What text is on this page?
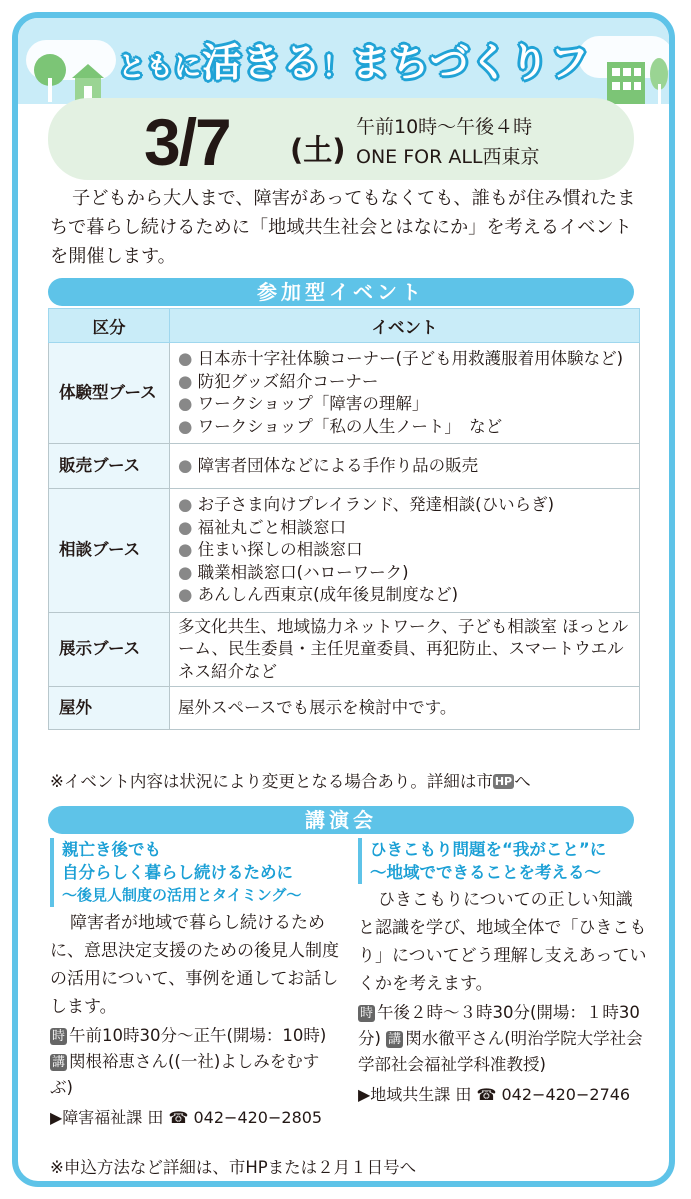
ともに活きる！まちづくりフ
3/7 (土)
午前10時〜午後４時
ONE FOR ALL西東京
子どもから大人まで、障害があってもなくても、誰もが住み慣れたまちで暮らし続けるために「地域共生社会とはなにか」を考えるイベントを開催します。
参加型イベント
区分	イベント
体験型ブース	● 日本赤十字社体験コーナー(子ども用救護服着用体験など)
● 防犯グッズ紹介コーナー
● ワークショップ「障害の理解」
● ワークショップ「私の人生ノート」　など

販売ブース	● 障害者団体などによる手作り品の販売

相談ブース	● お子さま向けプレイランド、発達相談(ひいらぎ)
● 福祉丸ごと相談窓口
● 住まい探しの相談窓口
● 職業相談窓口(ハローワーク)
● あんしん西東京(成年後見制度など)

展示ブース	多文化共生、地域協力ネットワーク、子ども相談室 ほっとルーム、民生委員・主任児童委員、再犯防止、スマートウエルネス紹介など
屋外	屋外スペースでも展示を検討中です。
※イベント内容は状況により変更となる場合あり。詳細は市 HP へ
講演会
親亡き後でも
自分らしく暮らし続けるために
〜後見人制度の活用とタイミング〜
障害者が地域で暮らし続けるために、意思決定支援のための後見人制度の活用について、事例を通してお話しします。
時 午前10時30分〜正午(開場：10時) 講 関根裕恵さん((一社)よしみをむすぶ)
▶障害福祉課 田 ☎ 042−420−2805
ひきこもり問題を“我がこと”に
〜地域でできることを考える〜
ひきこもりについての正しい知識と認識を学び、地域全体で「ひきこもり」についてどう理解し支えあっていくかを考えます。
時 午後２時〜３時30分(開場：１時30分) 講 関水徹平さん(明治学院大学社会学部社会福祉学科准教授)
▶地域共生課 田 ☎ 042−420−2746
※申込方法など詳細は、市HPまたは２月１日号へ
